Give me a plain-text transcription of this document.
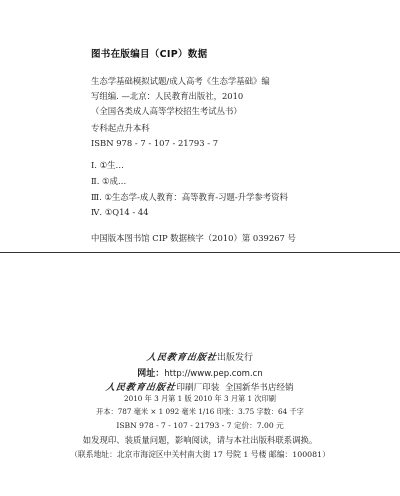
图书在版编目（CIP）数据
生态学基础模拟试题/成人高考《生态学基础》编
写组编. —北京：人民教育出版社，2010
（全国各类成人高等学校招生考试丛书）
专科起点升本科
ISBN 978 - 7 - 107 - 21793 - 7
Ⅰ. ①生…
Ⅱ. ①成…
Ⅲ. ①生态学-成人教育：高等教育-习题-升学参考资料
Ⅳ. ①Q14 - 44
中国版本图书馆 CIP 数据核字（2010）第 039267 号
人民教育出版社出版发行
网址：http://www.pep.com.cn
人民教育出版社印刷厂印装 全国新华书店经销
2010 年 3 月第 1 版 2010 年 3 月第 1 次印刷
开本：787 毫米 × 1 092 毫米 1/16 印张：3.75 字数：64 千字
ISBN 978 - 7 - 107 - 21793 - 7 定价：7.00 元
如发现印、装质量问题，影响阅读，请与本社出版科联系调换。
（联系地址：北京市海淀区中关村南大街 17 号院 1 号楼 邮编：100081）
